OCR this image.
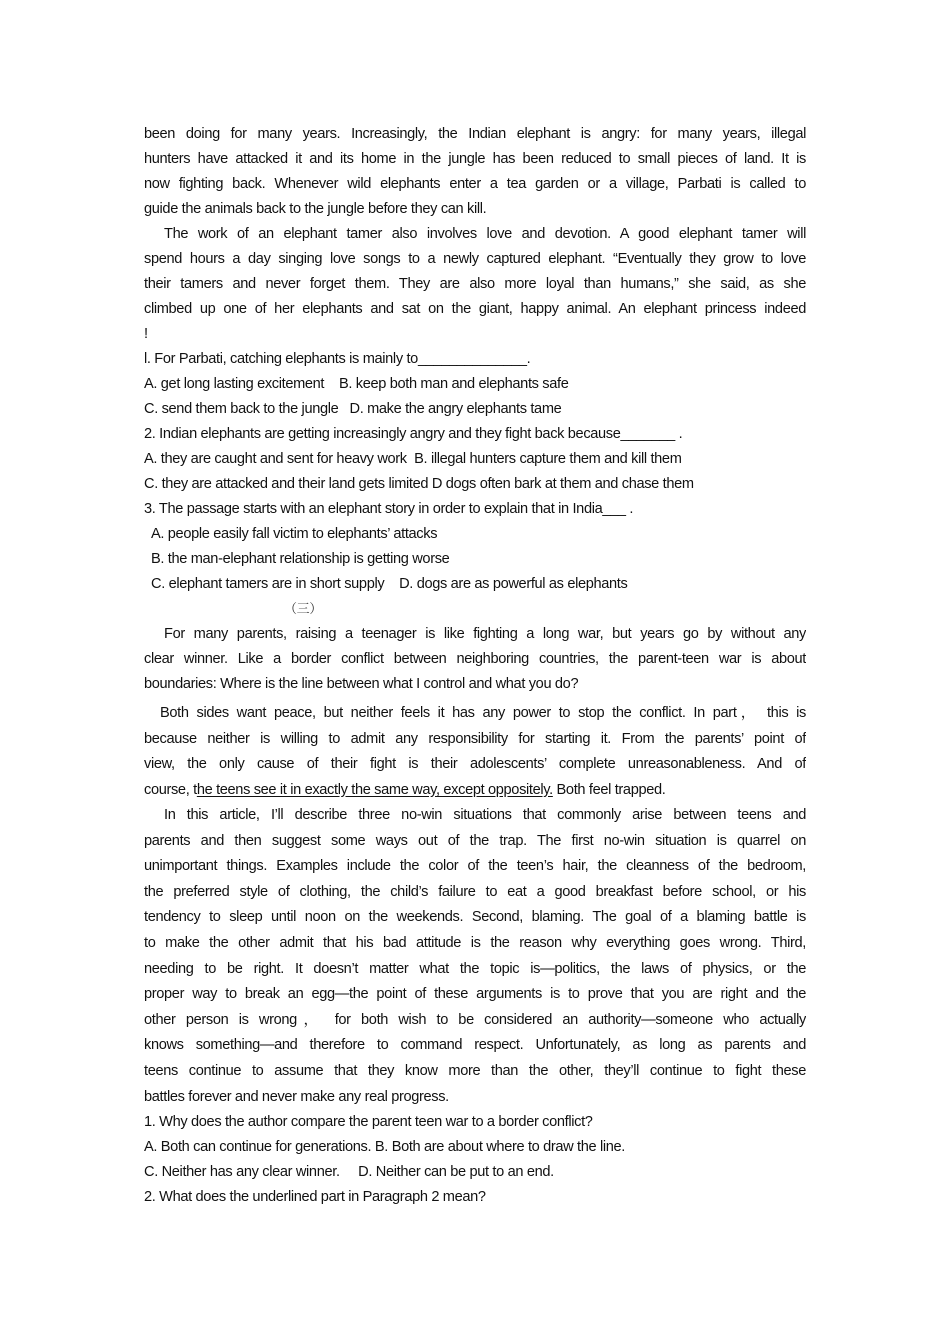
been doing for many years. Increasingly, the Indian elephant is angry: for many years, illegal
hunters have attacked it and its home in the jungle has been reduced to small pieces of land. It is
now fighting back. Whenever wild elephants enter a tea garden or a village, Parbati is called to
guide the animals back to the jungle before they can kill.
The work of an elephant tamer also involves love and devotion. A good elephant tamer will
spend hours a day singing love songs to a newly captured elephant. “Eventually they grow to love
their tamers and never forget them. They are also more loyal than humans,” she said, as she
climbed up one of her elephants and sat on the giant, happy animal. An elephant princess indeed
!
l. For Parbati, catching elephants is mainly to______________.
A. get long lasting excitement    B. keep both man and elephants safe
C. send them back to the jungle   D. make the angry elephants tame
2. Indian elephants are getting increasingly angry and they fight back because_______ .
A. they are caught and sent for heavy work  B. illegal hunters capture them and kill them
C. they are attacked and their land gets limited D dogs often bark at them and chase them
3. The passage starts with an elephant story in order to explain that in India___ .
A. people easily fall victim to elephants’ attacks
B. the man-elephant relationship is getting worse
C. elephant tamers are in short supply    D. dogs are as powerful as elephants
（三）
For many parents, raising a teenager is like fighting a long war, but years go by without any
clear winner. Like a border conflict between neighboring countries, the parent-teen war is about
boundaries: Where is the line between what I control and what you do?
Both sides want peace, but neither feels it has any power to stop the conflict. In part， this is
because neither is willing to admit any responsibility for starting it. From the parents’ point of
view, the only cause of their fight is their adolescents’ complete unreasonableness. And of
course, the teens see it in exactly the same way, except oppositely. Both feel trapped.
In this article, I’ll describe three no-win situations that commonly arise between teens and
parents and then suggest some ways out of the trap. The first no-win situation is quarrel on
unimportant things. Examples include the color of the teen’s hair, the cleanness of the bedroom,
the preferred style of clothing, the child’s failure to eat a good breakfast before school, or his
tendency to sleep until noon on the weekends. Second, blaming. The goal of a blaming battle is
to make the other admit that his bad attitude is the reason why everything goes wrong. Third,
needing to be right. It doesn’t matter what the topic is—politics, the laws of physics, or the
proper way to break an egg—the point of these arguments is to prove that you are right and the
other person is wrong， for both wish to be considered an authority—someone who actually
knows something—and therefore to command respect. Unfortunately, as long as parents and
teens continue to assume that they know more than the other, they’ll continue to fight these
battles forever and never make any real progress.
1. Why does the author compare the parent teen war to a border conflict?
A. Both can continue for generations. B. Both are about where to draw the line.
C. Neither has any clear winner.     D. Neither can be put to an end.
2. What does the underlined part in Paragraph 2 mean?
